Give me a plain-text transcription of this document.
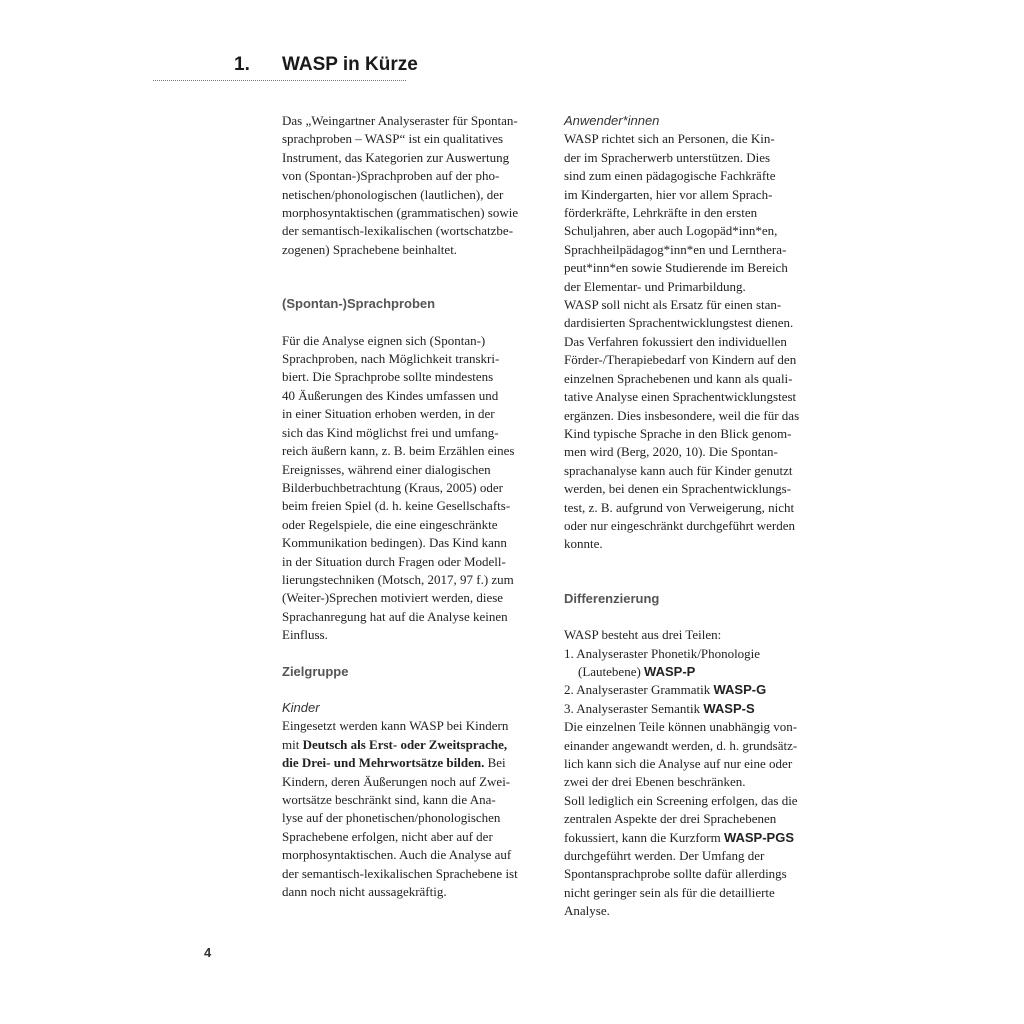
1. WASP in Kürze

Das „Weingartner Analyseraster für Spontan-

sprachproben – WASP“ ist ein qualitatives

Instrument, das Kategorien zur Auswertung

von (Spontan-)Sprachproben auf der pho-

netischen/phonologischen (lautlichen), der

morphosyntaktischen (grammatischen) sowie

der semantisch-lexikalischen (wortschatzbe-

zogenen) Sprachebene beinhaltet.

(Spontan-)Sprachproben

Für die Analyse eignen sich (Spontan-)

Sprachproben, nach Möglichkeit transkri-

biert. Die Sprachprobe sollte mindestens

40 Äußerungen des Kindes umfassen und

in einer Situation erhoben werden, in der

sich das Kind möglichst frei und umfang-

reich äußern kann, z. B. beim Erzählen eines

Ereignisses, während einer dialogischen

Bilderbuchbetrachtung (Kraus, 2005) oder

beim freien Spiel (d. h. keine Gesellschafts-

oder Regelspiele, die eine eingeschränkte

Kommunikation bedingen). Das Kind kann

in der Situation durch Fragen oder Modell-

lierungstechniken (Motsch, 2017, 97 f.) zum

(Weiter-)Sprechen motiviert werden, diese

Sprachanregung hat auf die Analyse keinen

Einfluss.

Zielgruppe

Kinder

Eingesetzt werden kann WASP bei Kindern

mit Deutsch als Erst- oder Zweitsprache,

die Drei- und Mehrwortsätze bilden. Bei

Kindern, deren Äußerungen noch auf Zwei-

wortsätze beschränkt sind, kann die Ana-

lyse auf der phonetischen/phonologischen

Sprachebene erfolgen, nicht aber auf der

morphosyntaktischen. Auch die Analyse auf

der semantisch-lexikalischen Sprachebene ist

dann noch nicht aussagekräftig.

Anwender*innen

WASP richtet sich an Personen, die Kin-

der im Spracherwerb unterstützen. Dies

sind zum einen pädagogische Fachkräfte

im Kindergarten, hier vor allem Sprach-

förderkräfte, Lehrkräfte in den ersten

Schuljahren, aber auch Logopäd*inn*en,

Sprachheilpädagog*inn*en und Lernthera-

peut*inn*en sowie Studierende im Bereich

der Elementar- und Primarbildung.

WASP soll nicht als Ersatz für einen stan-

dardisierten Sprachentwicklungstest dienen.

Das Verfahren fokussiert den individuellen

Förder-/Therapiebedarf von Kindern auf den

einzelnen Sprachebenen und kann als quali-

tative Analyse einen Sprachentwicklungstest

ergänzen. Dies insbesondere, weil die für das

Kind typische Sprache in den Blick genom-

men wird (Berg, 2020, 10). Die Spontan-

sprachanalyse kann auch für Kinder genutzt

werden, bei denen ein Sprachentwicklungs-

test, z. B. aufgrund von Verweigerung, nicht

oder nur eingeschränkt durchgeführt werden

konnte.

Differenzierung

WASP besteht aus drei Teilen:

1. Analyseraster Phonetik/Phonologie

(Lautebene) WASP-P

2. Analyseraster Grammatik WASP-G

3. Analyseraster Semantik WASP-S

Die einzelnen Teile können unabhängig von-

einander angewandt werden, d. h. grundsätz-

lich kann sich die Analyse auf nur eine oder

zwei der drei Ebenen beschränken.

Soll lediglich ein Screening erfolgen, das die

zentralen Aspekte der drei Sprachebenen

fokussiert, kann die Kurzform WASP-PGS

durchgeführt werden. Der Umfang der

Spontansprachprobe sollte dafür allerdings

nicht geringer sein als für die detaillierte

Analyse.

4
